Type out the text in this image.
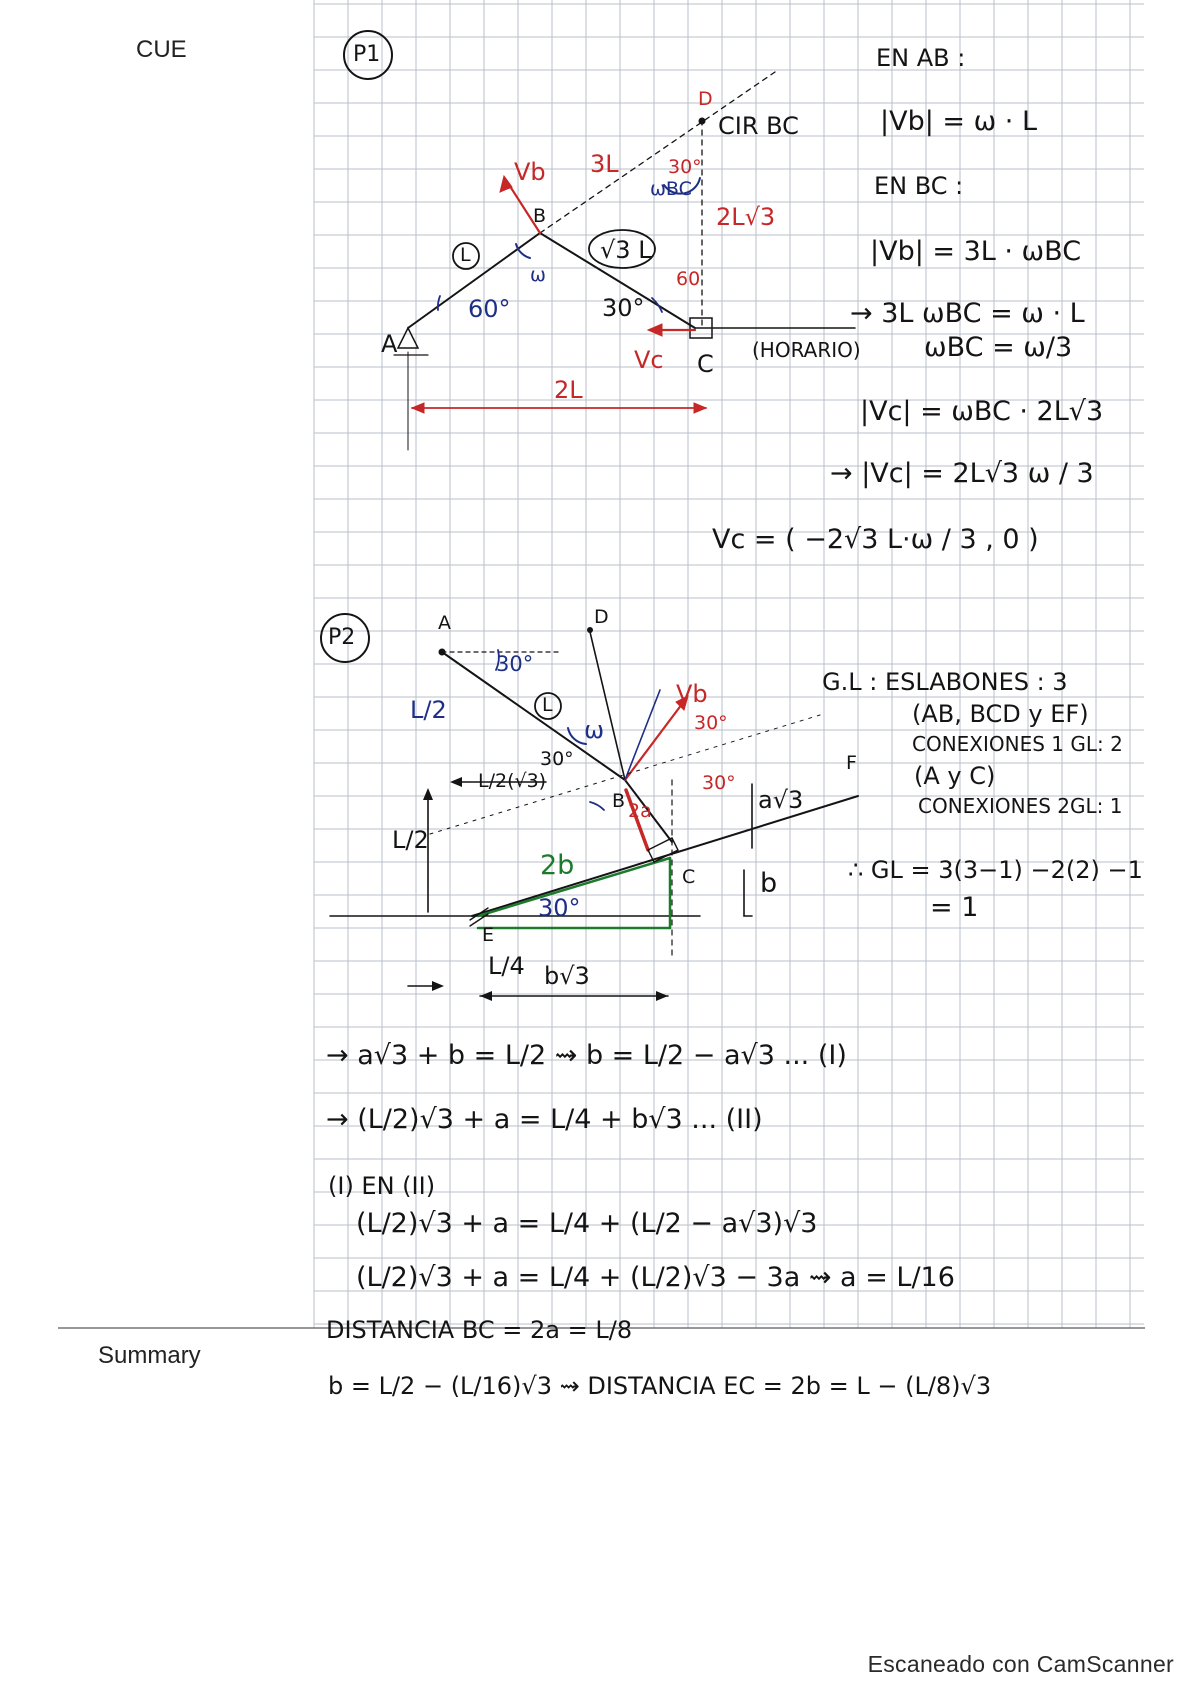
CUE
Summary
Escaneado con CamScanner
P1
D
CIR BC
Vb 3L	30°
ωBC
2L√3
B
L	√3 L
ω
60°
60
30°
Vc C
A
2L
EN AB :
|Vb| = ω · L
EN BC :
|Vb| = 3L · ωBC
→ 3L ωBC = ω · L
(HORARIO) ωBC = ω/3
|Vc| = ωBC · 2L√3
→ |Vc| = 2L√3 ω / 3
Vc = ( −2√3 L·ω / 3 , 0 )
P2
A	D
30°
L/2	L
ω
30°
L/2(√3)
B 2a
Vb
30°
30°
a√3
F
L/2
2b	C b
30°
E
L/4 b√3
G.L : ESLABONES : 3
(AB, BCD y EF)
CONEXIONES 1 GL: 2
(A y C)
CONEXIONES 2GL: 1
∴ GL = 3(3−1) −2(2) −1
= 1
→ a√3 + b = L/2 ⇝ b = L/2 − a√3 ... (I)
→ (L/2)√3 + a = L/4 + b√3 ... (II)
(I) EN (II)
(L/2)√3 + a = L/4 + (L/2 − a√3)√3
(L/2)√3 + a = L/4 + (L/2)√3 − 3a ⇝ a = L/16
DISTANCIA BC = 2a = L/8
b = L/2 − (L/16)√3 ⇝ DISTANCIA EC = 2b = L − (L/8)√3
